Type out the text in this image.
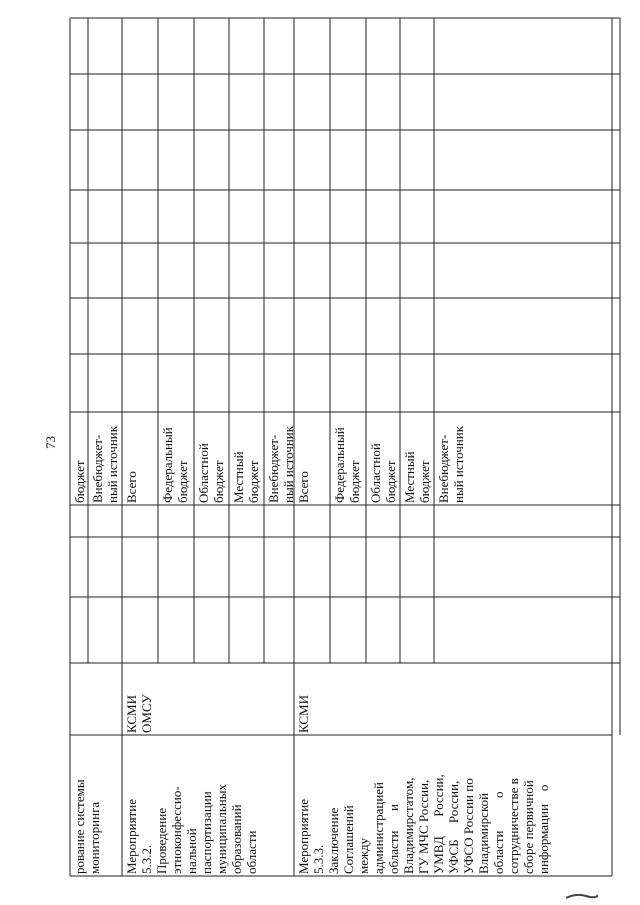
73
рование системы мониторинга
бюджет Внебюджет- ный источник
Мероприятие 5.3.2. Проведение этноконфессио- нальной паспортизации муниципальных образований области
КСМИ ОМСУ
Всего Федеральный бюджет Областной бюджет Местный бюджет Внебюджет- ный источник
Мероприятие 5.3.3. Заключение Соглашений между администрацией области      и Владимирстатом, ГУ МЧС России, УМВД      России, УФСБ     России, УФСО России по Владимирской области          о сотрудничестве в сборе первичной информации    о
КСМИ
Всего Федеральный бюджет Областной бюджет Местный бюджет Внебюджет- ный источник
